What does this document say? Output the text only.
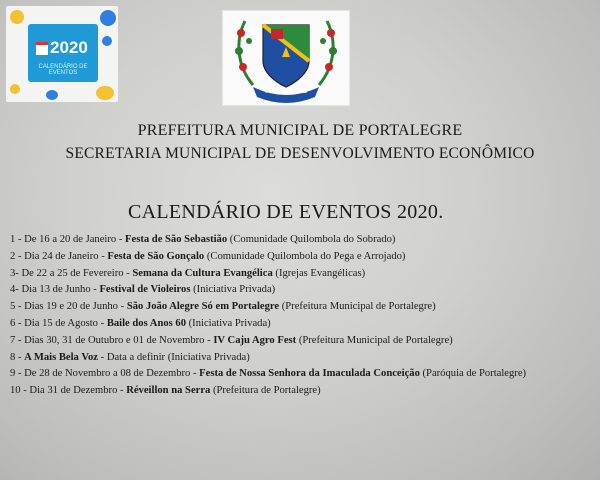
2020
CALENDÁRIO DE EVENTOS
PORTALEGRE
PREFEITURA MUNICIPAL DE PORTALEGRE
SECRETARIA MUNICIPAL DE DESENVOLVIMENTO ECONÔMICO
CALENDÁRIO DE EVENTOS 2020.
1 - De 16 a 20 de Janeiro - Festa de São Sebastião (Comunidade Quilombola do Sobrado)
2 - Dia 24 de Janeiro - Festa de São Gonçalo (Comunidade Quilombola do Pega e Arrojado)
3- De 22 a 25 de Fevereiro - Semana da Cultura Evangélica (Igrejas Evangélicas)
4- Dia 13 de Junho - Festival de Violeiros (Iniciativa Privada)
5 - Dias 19 e 20 de Junho - São João Alegre Só em Portalegre (Prefeitura Municipal de Portalegre)
6 - Dia 15 de Agosto - Baile dos Anos 60 (Iniciativa Privada)
7 - Dias 30, 31 de Outubro e 01 de Novembro - IV Caju Agro Fest (Prefeitura Municipal de Portalegre)
8 - A Mais Bela Voz - Data a definir (Iniciativa Privada)
9 - De 28 de Novembro a 08 de Dezembro - Festa de Nossa Senhora da Imaculada Conceição (Paróquia de Portalegre)
10 - Dia 31 de Dezembro - Réveillon na Serra (Prefeitura de Portalegre)
